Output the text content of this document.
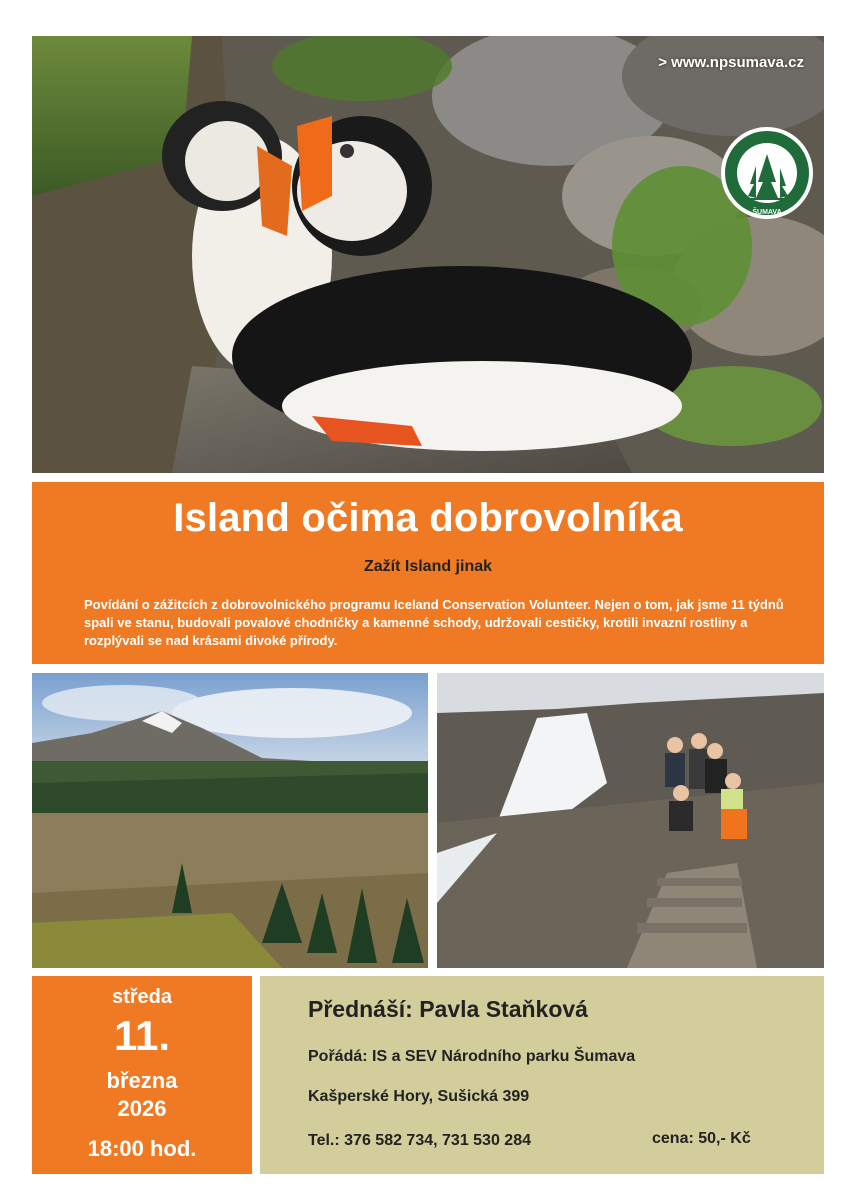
> www.npsumava.cz
ŠUMAVA
Island očima dobrovolníka
Zažít Island jinak
Povídání o zážitcích z dobrovolnického programu Iceland Conservation Volunteer. Nejen o tom, jak jsme 11 týdnů spali ve stanu, budovali povalové chodníčky a kamenné schody, udržovali cestičky, krotili invazní rostliny a rozplývali se nad krásami divoké přírody.
středa
11.
března
2026
18:00 hod.
Přednáší: Pavla Staňková
Pořádá: IS a SEV Národního parku Šumava
Kašperské Hory, Sušická 399
Tel.: 376 582 734, 731 530 284	cena: 50,- Kč
